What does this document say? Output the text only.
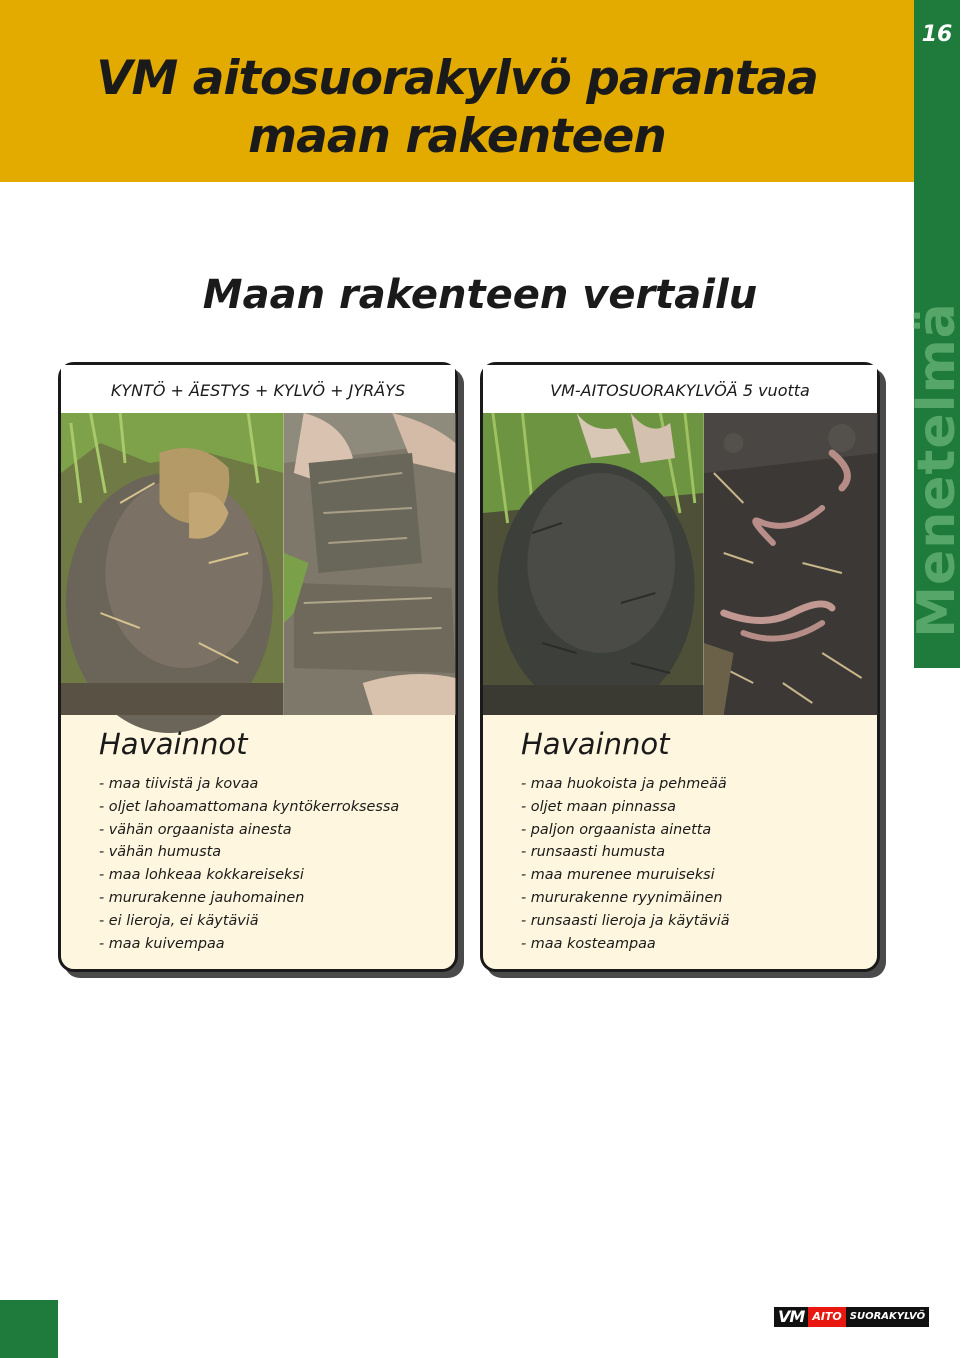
VM aitosuorakylvö parantaa
maan rakenteen
16
Menetelmä
Maan rakenteen vertailu
KYNTÖ + ÄESTYS + KYLVÖ + JYRÄYS
Havainnot
- maa tiivistä ja kovaa
- oljet lahoamattomana kyntökerroksessa
- vähän orgaanista ainesta
- vähän humusta
- maa lohkeaa kokkareiseksi
- mururakenne jauhomainen
- ei lieroja, ei käytäviä
- maa kuivempaa
VM-AITOSUORAKYLVÖÄ 5 vuotta
Havainnot
- maa huokoista ja pehmeää
- oljet maan pinnassa
- paljon orgaanista ainetta
- runsaasti humusta
- maa murenee muruiseksi
- mururakenne ryynimäinen
- runsaasti lieroja ja käytäviä
- maa kosteampaa
VM AITO SUORAKYLVÖ
